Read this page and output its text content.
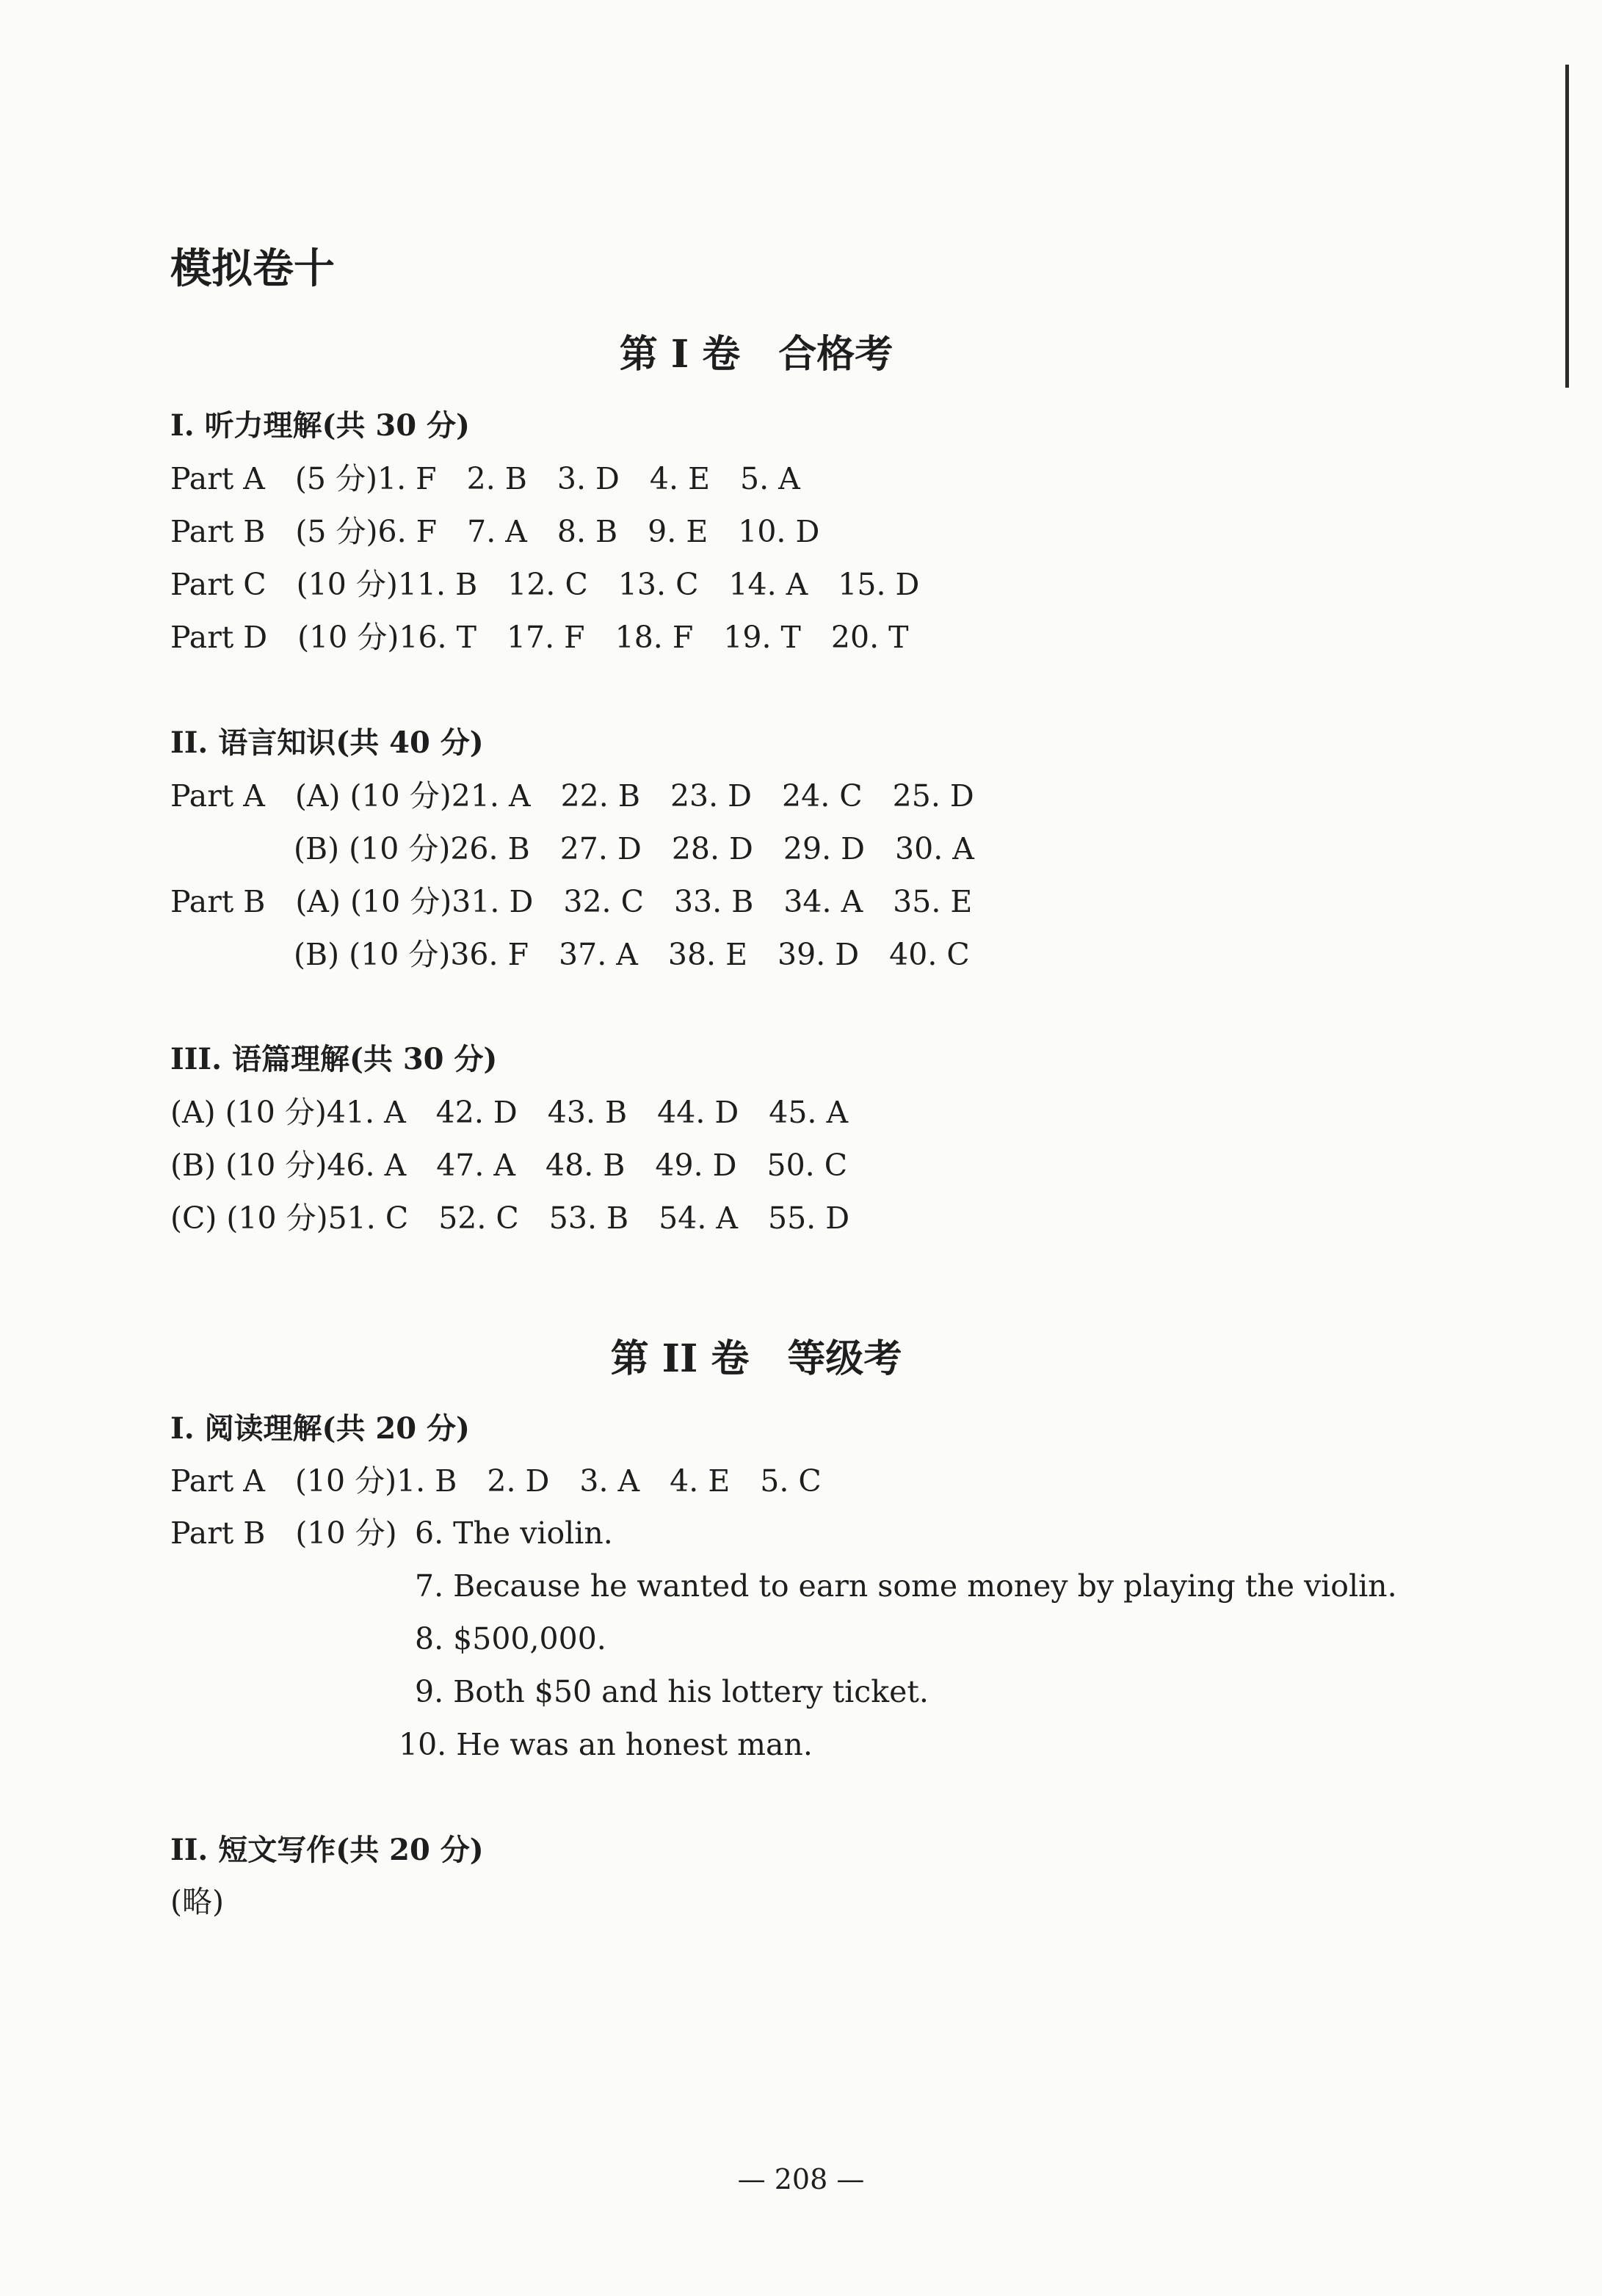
模拟卷十
第 I 卷　合格考
I. 听力理解(共 30 分)
Part A　(5 分)1. F　2. B　3. D　4. E　5. A
Part B　(5 分)6. F　7. A　8. B　9. E　10. D
Part C　(10 分)11. B　12. C　13. C　14. A　15. D
Part D　(10 分)16. T　17. F　18. F　19. T　20. T
II. 语言知识(共 40 分)
Part A　(A) (10 分)21. A　22. B　23. D　24. C　25. D
(B) (10 分)26. B　27. D　28. D　29. D　30. A
Part B　(A) (10 分)31. D　32. C　33. B　34. A　35. E
(B) (10 分)36. F　37. A　38. E　39. D　40. C
III. 语篇理解(共 30 分)
(A) (10 分)41. A　42. D　43. B　44. D　45. A
(B) (10 分)46. A　47. A　48. B　49. D　50. C
(C) (10 分)51. C　52. C　53. B　54. A　55. D
第 II 卷　等级考
I. 阅读理解(共 20 分)
Part A　(10 分)1. B　2. D　3. A　4. E　5. C
Part B　(10 分) 6. The violin.
7. Because he wanted to earn some money by playing the violin.
8. $500,000.
9. Both $50 and his lottery ticket.
10. He was an honest man.
II. 短文写作(共 20 分)
(略)
— 208 —
